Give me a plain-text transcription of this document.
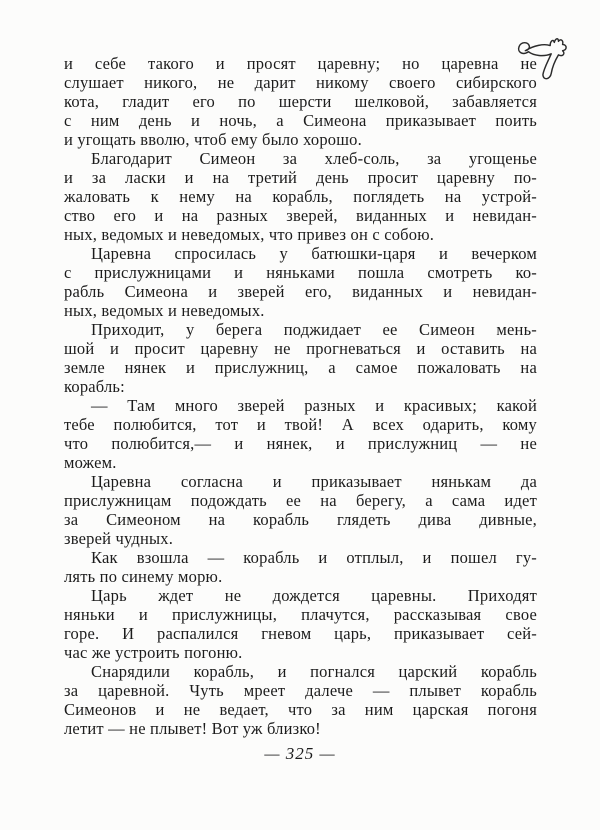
и себе такого и просят царевну; но царевна не
слушает никого, не дарит никому своего сибирского
кота, гладит его по шерсти шелковой, забавляется
с ним день и ночь, а Симеона приказывает поить
и угощать вволю, чтоб ему было хорошо.
Благодарит Симеон за хлеб-соль, за угощенье
и за ласки и на третий день просит царевну по-
жаловать к нему на корабль, поглядеть на устрой-
ство его и на разных зверей, виданных и невидан-
ных, ведомых и неведомых, что привез он с собою.
Царевна спросилась у батюшки-царя и вечерком
с прислужницами и няньками пошла смотреть ко-
рабль Симеона и зверей его, виданных и невидан-
ных, ведомых и неведомых.
Приходит, у берега поджидает ее Симеон мень-
шой и просит царевну не прогневаться и оставить на
земле нянек и прислужниц, а самое пожаловать на
корабль:
— Там много зверей разных и красивых; какой
тебе полюбится, тот и твой! А всех одарить, кому
что полюбится,— и нянек, и прислужниц — не
можем.
Царевна согласна и приказывает нянькам да
прислужницам подождать ее на берегу, а сама идет
за Симеоном на корабль глядеть дива дивные,
зверей чудных.
Как взошла — корабль и отплыл, и пошел гу-
лять по синему морю.
Царь ждет не дождется царевны. Приходят
няньки и прислужницы, плачутся, рассказывая свое
горе. И распалился гневом царь, приказывает сей-
час же устроить погоню.
Снарядили корабль, и погнался царский корабль
за царевной. Чуть мреет далече — плывет корабль
Симеонов и не ведает, что за ним царская погоня
летит — не плывет! Вот уж близко!
— 325 —
